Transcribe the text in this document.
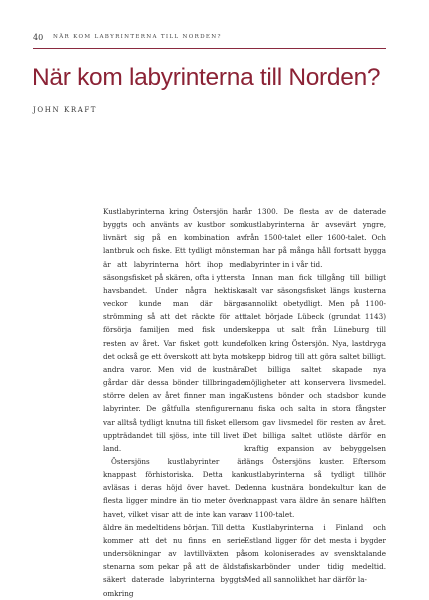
40 NÄR KOM LABYRINTERNA TILL NORDEN?
När kom labyrinterna till Norden?
JOHN KRAFT

Kustlabyrinterna kring Östersjön har byggts och använts av kustbor som livnärt sig på en kombination av lantbruk och fiske. Ett tydligt mönster är att labyrinterna hört ihop med säsongsfisket på skären, ofta i yttersta havsbandet. Under några hektiska veckor kunde man där bärga strömming så att det räckte för att försörja familjen med fisk under resten av året. Var fisket gott kunde det också ge ett överskott att byta mot andra varor. Men vid de kustnära gårdar där dessa bönder tillbringade större delen av året finner man inga labyrinter. De gåtfulla stenfigurerna var alltså tydligt knutna till fisket eller uppträdandet till sjöss, inte till livet i land.

Östersjöns kustlabyrinter är knappast förhistoriska. Detta kan avläsas i deras höjd över havet. De flesta ligger mindre än tio meter över havet, vilket visar att de inte kan vara äldre än medeltidens början. Till detta kommer att det nu finns en serie undersökningar av lavtillväxten på stenarna som pekar på att de äldsta säkert daterade labyrinterna byggts omkring

år 1300. De flesta av de daterade kustlabyrinterna är avsevärt yngre, från 1500-talet eller 1600-talet. Och man har på många håll fortsatt bygga labyrinter in i vår tid.

Innan man fick tillgång till billigt salt var säsongsfisket längs kusterna sannolikt obetydligt. Men på 1100-talet började Lübeck (grundat 1143) skeppa ut salt från Lüneburg till folken kring Östersjön. Nya, lastdryga skepp bidrog till att göra saltet billigt. Det billiga saltet skapade nya möjligheter att konservera livsmedel. Kustens bönder och stadsbor kunde nu fiska och salta in stora fångster som gav livsmedel för resten av året. Det billiga saltet utlöste därför en kraftig expansion av bebyggelsen längs Östersjöns kuster. Eftersom kustlabyrinterna så tydligt tillhör denna kustnära bondekultur kan de knappast vara äldre än senare hälften av 1100-talet.

Kustlabyrinterna i Finland och Estland ligger för det mesta i bygder som koloniserades av svensktalande fiskarbönder under tidig medeltid. Med all sannolikhet har därför la-
